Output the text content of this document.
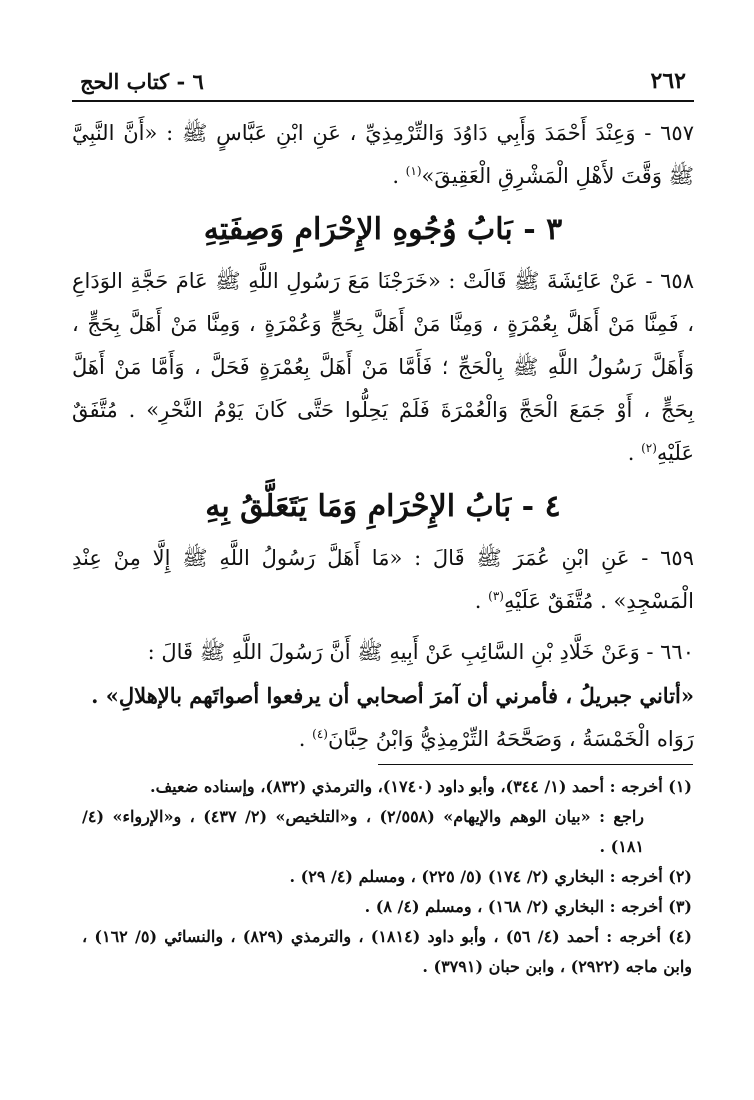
٢٦٢
٦ - كتاب الحج

٦٥٧ - وَعِنْدَ أَحْمَدَ وَأَبِي دَاوُدَ وَالتِّرْمِذِيِّ ، عَنِ ابْنِ عَبَّاسٍ ﷺ : «أَنَّ النَّبِيَّ ﷺ وَقَّتَ لأَهْلِ الْمَشْرِقِ الْعَقِيقَ»$^{(١)}$ .

٣ - بَابُ وُجُوهِ الإِحْرَامِ وَصِفَتِهِ

٦٥٨ - عَنْ عَائِشَةَ ﷺ قَالَتْ : «خَرَجْنَا مَعَ رَسُولِ اللَّهِ ﷺ عَامَ حَجَّةِ الوَدَاعِ ، فَمِنَّا مَنْ أَهَلَّ بِعُمْرَةٍ ، وَمِنَّا مَنْ أَهَلَّ بِحَجٍّ وَعُمْرَةٍ ، وَمِنَّا مَنْ أَهَلَّ بِحَجٍّ ، وَأَهَلَّ رَسُولُ اللَّهِ ﷺ بِالْحَجِّ ؛ فَأَمَّا مَنْ أَهَلَّ بِعُمْرَةٍ فَحَلَّ ، وَأَمَّا مَنْ أَهَلَّ بِحَجٍّ ، أَوْ جَمَعَ الْحَجَّ وَالْعُمْرَةَ فَلَمْ يَحِلُّوا حَتَّى كَانَ يَوْمُ النَّحْرِ» . مُتَّفَقٌ عَلَيْهِ$^{(٢)}$ .

٤ - بَابُ الإِحْرَامِ وَمَا يَتَعَلَّقُ بِهِ

٦٥٩ - عَنِ ابْنِ عُمَرَ ﷺ قَالَ : «مَا أَهَلَّ رَسُولُ اللَّهِ ﷺ إِلَّا مِنْ عِنْدِ الْمَسْجِدِ» . مُتَّفَقٌ عَلَيْهِ$^{(٣)}$ .

٦٦٠ - وَعَنْ خَلَّادِ بْنِ السَّائِبِ عَنْ أَبِيهِ ﷺ أَنَّ رَسُولَ اللَّهِ ﷺ قَالَ :
«أتاني جبريلُ ، فأمرني أن آمرَ أصحابي أن يرفعوا أصواتَهم بالإهلالِ» .
رَوَاه الْخَمْسَةُ ، وَصَحَّحَهُ التِّرْمِذِيُّ وَابْنُ حِبَّانَ$^{(٤)}$ .

(١) أخرجه : أحمد (١/ ٣٤٤)، وأبو داود (١٧٤٠)، والترمذي (٨٣٢)، وإسناده ضعيف.

راجع : «بيان الوهم والإيهام» (٢/٥٥٨) ، و«التلخيص» (٢/ ٤٣٧) ، و«الإرواء» (٤/ ١٨١) .

(٢) أخرجه : البخاري (٢/ ١٧٤) (٥/ ٢٢٥) ، ومسلم (٤/ ٢٩) .

(٣) أخرجه : البخاري (٢/ ١٦٨) ، ومسلم (٤/ ٨) .

(٤) أخرجه : أحمد (٤/ ٥٦) ، وأبو داود (١٨١٤) ، والترمذي (٨٢٩) ، والنسائي (٥/ ١٦٢) ، وابن ماجه (٢٩٢٢) ، وابن حبان (٣٧٩١) .
